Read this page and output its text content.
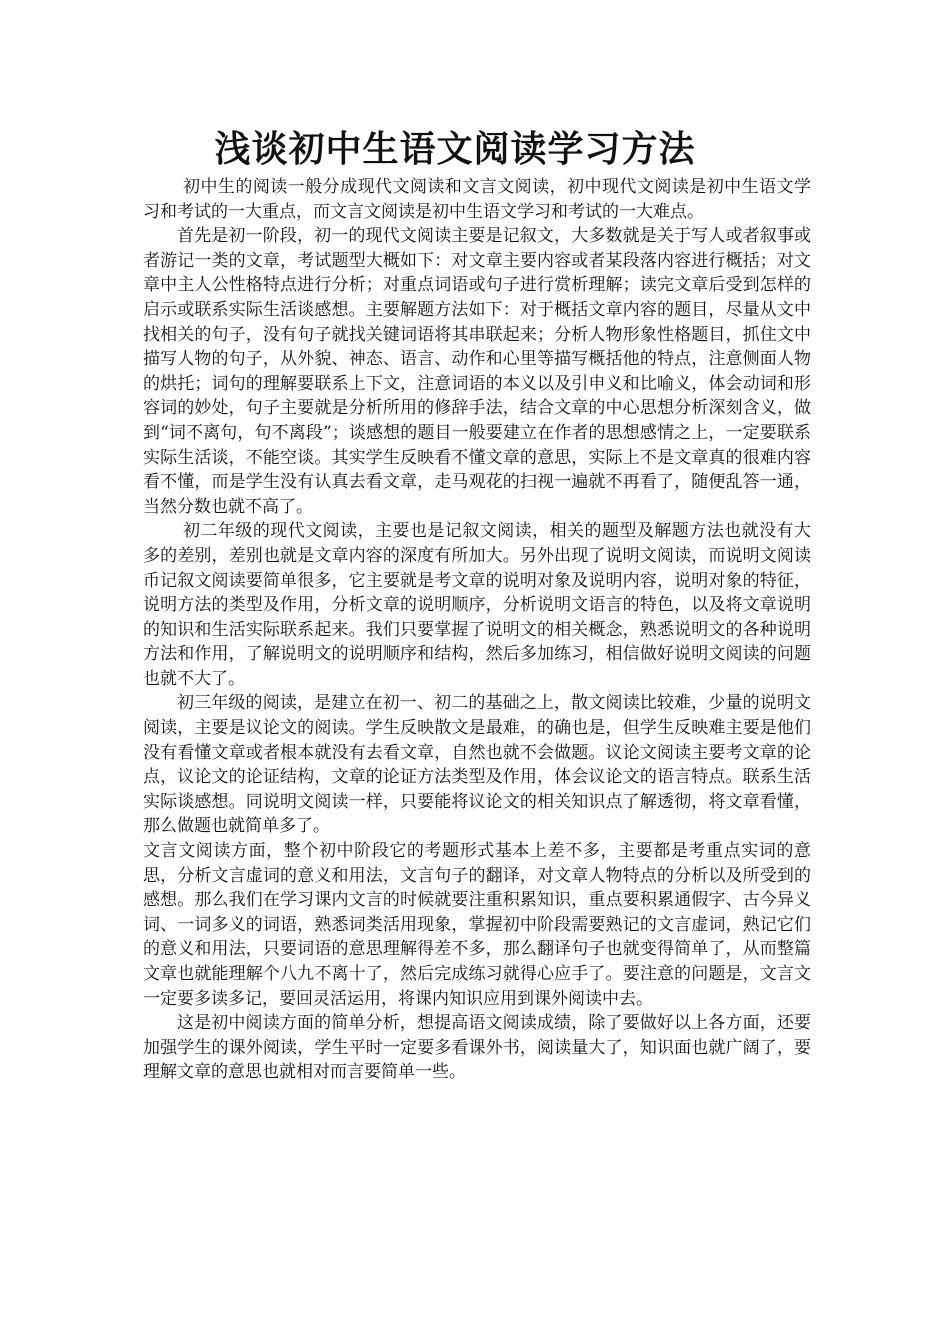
浅谈初中生语文阅读学习方法

初中生的阅读一般分成现代文阅读和文言文阅读，初中现代文阅读是初中生语文学习和考试的一大重点，而文言文阅读是初中生语文学习和考试的一大难点。

首先是初一阶段，初一的现代文阅读主要是记叙文，大多数就是关于写人或者叙事或者游记一类的文章，考试题型大概如下：对文章主要内容或者某段落内容进行概括；对文章中主人公性格特点进行分析；对重点词语或句子进行赏析理解；读完文章后受到怎样的启示或联系实际生活谈感想。主要解题方法如下：对于概括文章内容的题目，尽量从文中找相关的句子，没有句子就找关键词语将其串联起来；分析人物形象性格题目，抓住文中描写人物的句子，从外貌、神态、语言、动作和心里等描写概括他的特点，注意侧面人物的烘托；词句的理解要联系上下文，注意词语的本义以及引申义和比喻义，体会动词和形容词的妙处，句子主要就是分析所用的修辞手法，结合文章的中心思想分析深刻含义，做到“词不离句，句不离段”；谈感想的题目一般要建立在作者的思想感情之上，一定要联系实际生活谈，不能空谈。其实学生反映看不懂文章的意思，实际上不是文章真的很难内容看不懂，而是学生没有认真去看文章，走马观花的扫视一遍就不再看了，随便乱答一通，当然分数也就不高了。

初二年级的现代文阅读，主要也是记叙文阅读，相关的题型及解题方法也就没有大多的差别，差别也就是文章内容的深度有所加大。另外出现了说明文阅读，而说明文阅读币记叙文阅读要简单很多，它主要就是考文章的说明对象及说明内容，说明对象的特征，说明方法的类型及作用，分析文章的说明顺序，分析说明文语言的特色，以及将文章说明的知识和生活实际联系起来。我们只要掌握了说明文的相关概念，熟悉说明文的各种说明方法和作用，了解说明文的说明顺序和结构，然后多加练习，相信做好说明文阅读的问题也就不大了。

初三年级的阅读，是建立在初一、初二的基础之上，散文阅读比较难，少量的说明文阅读，主要是议论文的阅读。学生反映散文是最难，的确也是，但学生反映难主要是他们没有看懂文章或者根本就没有去看文章，自然也就不会做题。议论文阅读主要考文章的论点，议论文的论证结构，文章的论证方法类型及作用，体会议论文的语言特点。联系生活实际谈感想。同说明文阅读一样，只要能将议论文的相关知识点了解透彻，将文章看懂，那么做题也就简单多了。

文言文阅读方面，整个初中阶段它的考题形式基本上差不多，主要都是考重点实词的意思，分析文言虚词的意义和用法，文言句子的翻译，对文章人物特点的分析以及所受到的感想。那么我们在学习课内文言的时候就要注重积累知识，重点要积累通假字、古今异义词、一词多义的词语，熟悉词类活用现象，掌握初中阶段需要熟记的文言虚词，熟记它们的意义和用法，只要词语的意思理解得差不多，那么翻译句子也就变得简单了，从而整篇文章也就能理解个八九不离十了，然后完成练习就得心应手了。要注意的问题是，文言文一定要多读多记，要回灵活运用，将课内知识应用到课外阅读中去。

这是初中阅读方面的简单分析，想提高语文阅读成绩，除了要做好以上各方面，还要加强学生的课外阅读，学生平时一定要多看课外书，阅读量大了，知识面也就广阔了，要理解文章的意思也就相对而言要简单一些。
